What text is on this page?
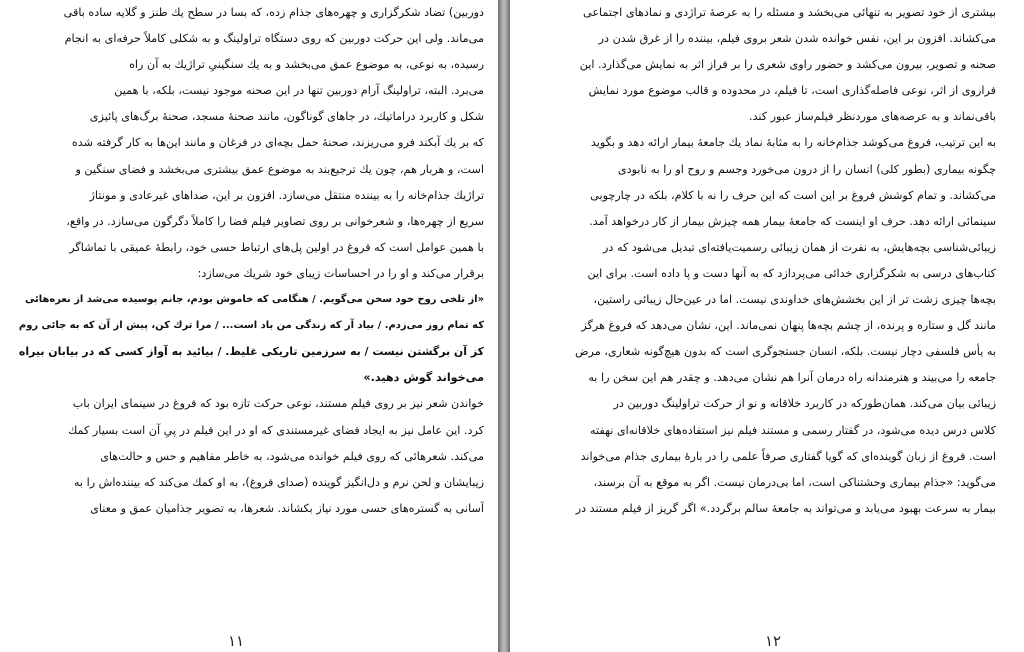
دوربین) تضاد شکرگزاری و چهره‌های جذام زده، که بسا در سطح یك طنز و گلایه ساده باقی
می‌ماند. ولی این حرکت دوربین که روی دستگاه تراولینگ و به شکلی کاملاً حرفه‌ای به انجام
رسیده، به نوعی، به موضوع عمق می‌بخشد و به یك سنگینیِ تراژیك به آن راه
می‌برد. البته، تراولینگ آرام دوربین تنها در این صحنه موجود نیست، بلکه، با همین
شکل و کاربرد دراماتیك، در جاهای گوناگون، مانند صحنهٔ مسجد، صحنهٔ برگ‌های پائیزی
که بر یك آبکند فرو می‌ریزند، صحنهٔ حمل بچه‌ای در فرغان و مانند این‌ها به کار گرفته شده
است، و هربار هم، چون یك ترجیع‌بند به موضوع عمق بیشتری می‌بخشد و فضای سنگین و
تراژیك جذام‌خانه را به بیننده منتقل می‌سازد. افزون بر این، صداهای غیرعادی و مونتاژ
سریع از چهره‌ها، و شعرخوانی بر روی تصاویر فیلم فضا را کاملاً دگرگون می‌سازد. در واقع،
با همین عوامل است که فروغ در اولین پل‌های ارتباط حسی خود، رابطهٔ عمیقی با تماشاگر
برقرار می‌کند و او را در احساسات زیبای خود شریك می‌سازد:
«از تلخی روح خود سخن می‌گویم. / هنگامی که خاموش بودم، جانم پوسیده می‌شد از نعره‌هائی
که تمام روز می‌زدم. / بیاد آر که زندگی من باد است... / مرا ترك کن، پیش از آن که به جائی روم
کز آن برگشتن نیست / به سرزمین تاریکی غلیظ. / بیائید به آواز کسی که در بیابان بیراه
می‌خواند گوش دهید.»
خواندن شعر نیز بر روی فیلم مستند، نوعی حرکت تازه بود که فروغ در سینمای ایران باب
کرد. این عامل نیز به ایجاد فضای غیرمستندی که او در این فیلم در پیِ آن است بسیار کمك
می‌کند. شعرهائی که روی فیلم خوانده می‌شود، به خاطر مفاهیم و حس و حالت‌های
زیبایشان و لحن نرم و دل‌انگیز گوینده (صدای فروغ)، به او کمك می‌کند که بیننده‌اش را به
آسانی به گستره‌های حسی مورد نیاز بکشاند. شعرها، به تصویر جذامیان عمق و معنای
۱۱
بیشتری از خود تصویر به تنهائی می‌بخشد و مسئله را به عرصهٔ تراژدی و نمادهای اجتماعی
می‌کشاند. افزون بر این، نفس خوانده شدن شعر بروی فیلم، بیننده را از غرق شدن در
صحنه و تصویر، بیرون می‌کشد و حضور راوی شعری را بر فراز اثر به نمایش می‌گذارد. این
فراروی از اثر، نوعی فاصله‌گذاری است، تا فیلم، در محدوده و قالب موضوع مورد نمایش
باقی‌نماند و به عرصه‌های موردنظر فیلم‌ساز عبور کند.
به این ترتیب، فروغ می‌کوشد جذام‌خانه را به مثابهٔ نماد یك جامعهٔ بیمار ارائه دهد و بگوید
چگونه بیماری (بطور کلی) انسان را از درون می‌خورد وجسم و روح او را به نابودی
می‌کشاند. و تمام کوشش فروغ بر این است که این حرف را نه با کلام، بلکه در چارچوبی
سینمائی ارائه دهد. حرف او اینست که جامعهٔ بیمار همه چیزش بیمار از کار درخواهد آمد.
زیبائی‌شناسی بچه‌هایش، به نفرت از همان زیبائی رسمیت‌یافته‌ای تبدیل می‌شود که در
کتاب‌های درسی به شکرگزاری خدائی می‌پردازد که به آنها دست و پا داده است. برای این
بچه‌ها چیزی زشت تر از این بخشش‌های خداوندی نیست. اما در عین‌حال زیبائی راستین،
مانند گل و ستاره و پرنده، از چشم بچه‌ها پنهان نمی‌ماند. این، نشان می‌دهد که فروغ هرگز
به یأس فلسفی دچار نیست. بلکه، انسان جستجوگری است که بدون هیچ‌گونه شعاری، مرض
جامعه را می‌بیند و هنرمندانه راه درمان آنرا هم نشان می‌دهد. و چقدر هم این سخن را به
زیبائی بیان می‌کند. همان‌طورکه در کاربرد خلاقانه و نو از حرکت تراولینگ دوربین در
کلاس درس دیده می‌شود، در گفتار رسمی و مستند فیلم نیز استفاده‌های خلاقانه‌ای نهفته
است. فروغ از زبان گوینده‌ای که گویا گفتاری صرفاً علمی را در بارهٔ بیماری جذام می‌خواند
می‌گوید: «جذام بیماری وحشتناکی است، اما بی‌درمان نیست. اگر به موقع به آن برسند،
بیمار به سرعت بهبود می‌یابد و می‌تواند به جامعهٔ سالم برگردد.» اگر گریز از فیلم مستند در
۱۲
